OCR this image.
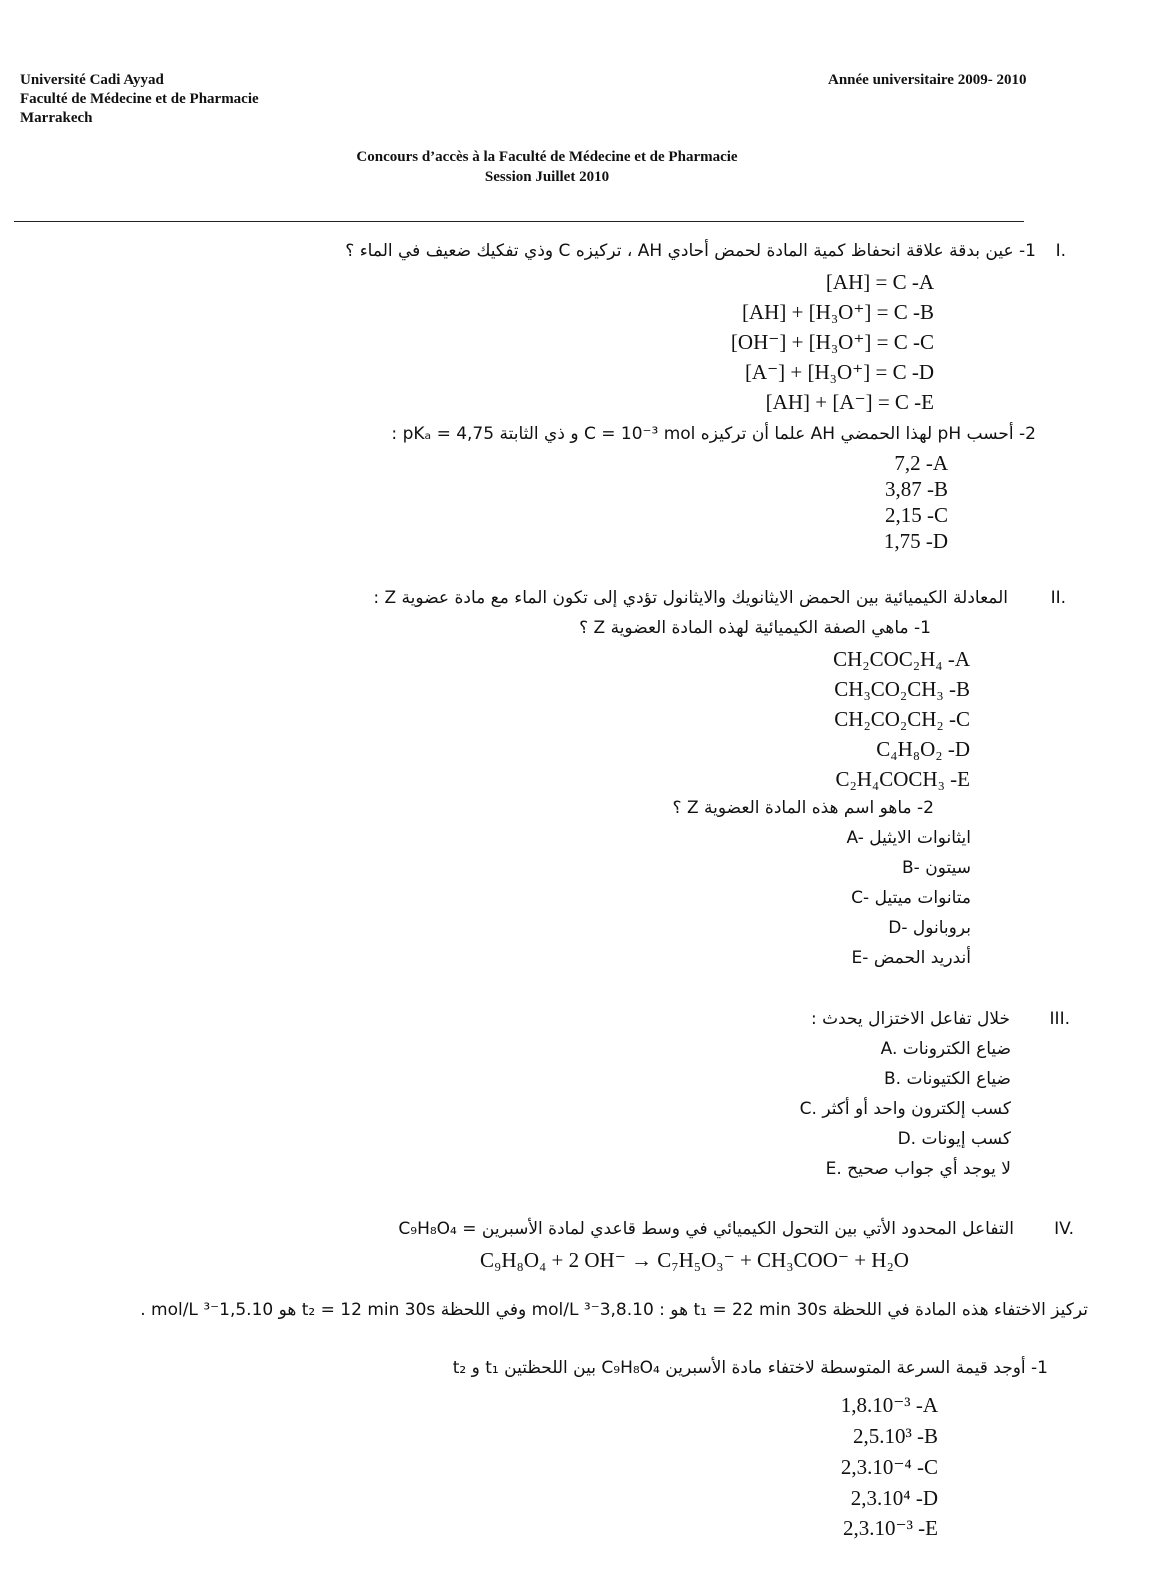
Université Cadi Ayyad
Faculté de Médecine et de Pharmacie
Marrakech
Année universitaire 2009- 2010
Concours d’accès à la Faculté de Médecine et de Pharmacie
Session Juillet 2010
I.
1- عين بدقة علاقة انحفاظ كمية المادة لحمض أحادي AH ، تركيزه C وذي تفكيك ضعيف في الماء ؟
[AH] = C -A
[AH] + [H₃O⁺] = C -B
[OH⁻] + [H₃O⁺] = C -C
[A⁻] + [H₃O⁺] = C -D
[AH] + [A⁻] = C -E
2- أحسب pH لهذا الحمضي AH علما أن تركيزه C = 10⁻³ mol و ذي الثابتة pKₐ = 4,75 :
7,2 -A
3,87 -B
2,15 -C
1,75 -D
II.
المعادلة الكيميائية بين الحمض الايثانويك والايثانول تؤدي إلى تكون الماء مع مادة عضوية Z :
1- ماهي الصفة الكيميائية لهذه المادة العضوية Z ؟
CH₂COC₂H₄ -A
CH₃CO₂CH₃ -B
CH₂CO₂CH₂ -C
C₄H₈O₂ -D
C₂H₄COCH₃ -E
2- ماهو اسم هذه المادة العضوية Z ؟
A- ايثانوات الايثيل
B- سيتون
C- متانوات ميتيل
D- بروبانول
E- أندريد الحمض
III.
خلال تفاعل الاختزال يحدث :
A. ضياع الكترونات
B. ضياع الكتيونات
C. كسب إلكترون واحد أو أكثر
D. كسب إيونات
E. لا يوجد أي جواب صحيح
IV.
التفاعل المحدود الأتي بين التحول الكيميائي في وسط قاعدي لمادة الأسبرين = C₉H₈O₄
C₉H₈O₄ + 2 OH⁻ → C₇H₅O₃⁻ + CH₃COO⁻ + H₂O
تركيز الاختفاء هذه المادة في اللحظة t₁ = 22 min 30s هو : 3,8.10⁻³ mol/L وفي اللحظة t₂ = 12 min 30s هو 1,5.10⁻³ mol/L .
1- أوجد قيمة السرعة المتوسطة لاختفاء مادة الأسبرين C₉H₈O₄ بين اللحظتين t₁ و t₂
1,8.10⁻³ -A
2,5.10³ -B
2,3.10⁻⁴ -C
2,3.10⁴ -D
2,3.10⁻³ -E
